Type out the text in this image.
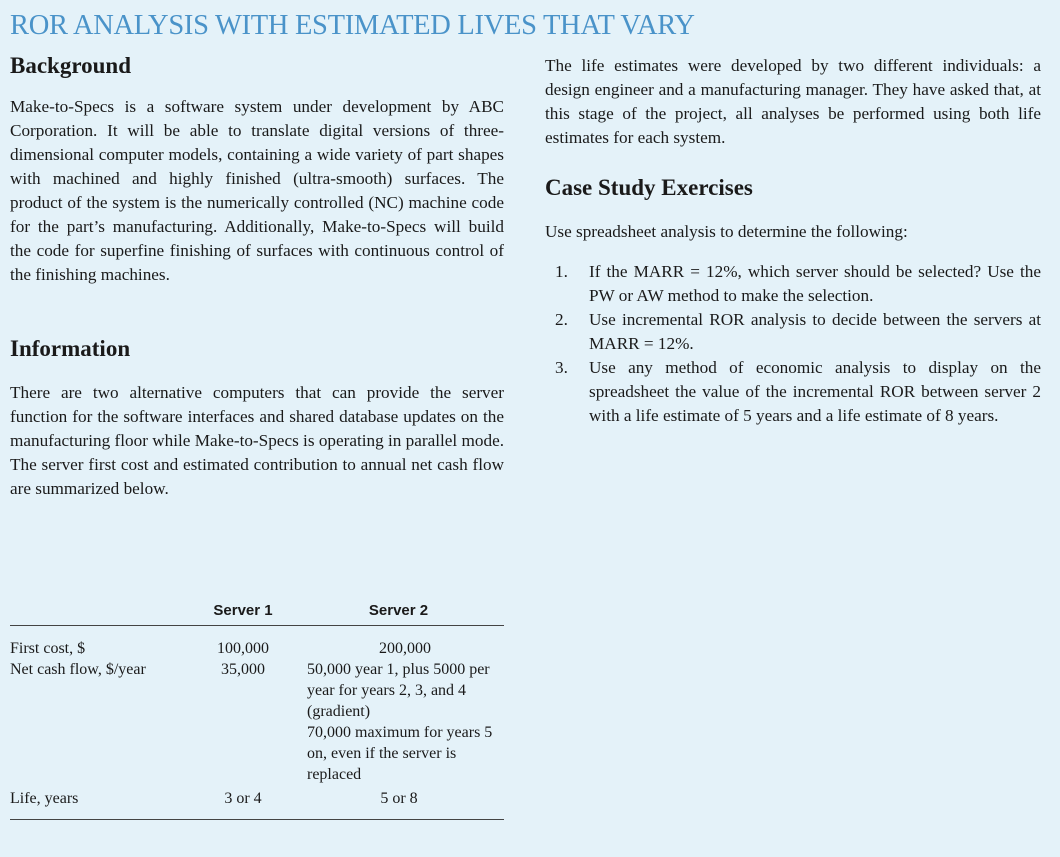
ROR ANALYSIS WITH ESTIMATED LIVES THAT VARY
Background

Make-to-Specs is a software system under development by ABC Corporation. It will be able to translate digital versions of three-dimensional computer models, containing a wide variety of part shapes with machined and highly finished (ultra-smooth) surfaces. The product of the system is the numerically controlled (NC) machine code for the part’s manufacturing. Additionally, Make-to-Specs will build the code for superfine finishing of surfaces with continuous control of the finishing machines.

Information

There are two alternative computers that can provide the server function for the software interfaces and shared database updates on the manufacturing floor while Make-to-Specs is operating in parallel mode. The server first cost and estimated contribution to annual net cash flow are summarized below.

	Server 1	Server 2
First cost, $	100,000	200,000

Net cash flow, $/year	35,000	50,000 year 1, plus 5000 per year for years 2, 3, and 4 (gradient)
70,000 maximum for years 5 on, even if the server is replaced

Life, years	3 or 4	5 or 8

The life estimates were developed by two different individuals: a design engineer and a manufacturing manager. They have asked that, at this stage of the project, all analyses be performed using both life estimates for each system.

Case Study Exercises

Use spreadsheet analysis to determine the following:

1. If the MARR = 12%, which server should be selected? Use the PW or AW method to make the selection.
2. Use incremental ROR analysis to decide between the servers at MARR = 12%.
3. Use any method of economic analysis to display on the spreadsheet the value of the incremental ROR between server 2 with a life estimate of 5 years and a life estimate of 8 years.
